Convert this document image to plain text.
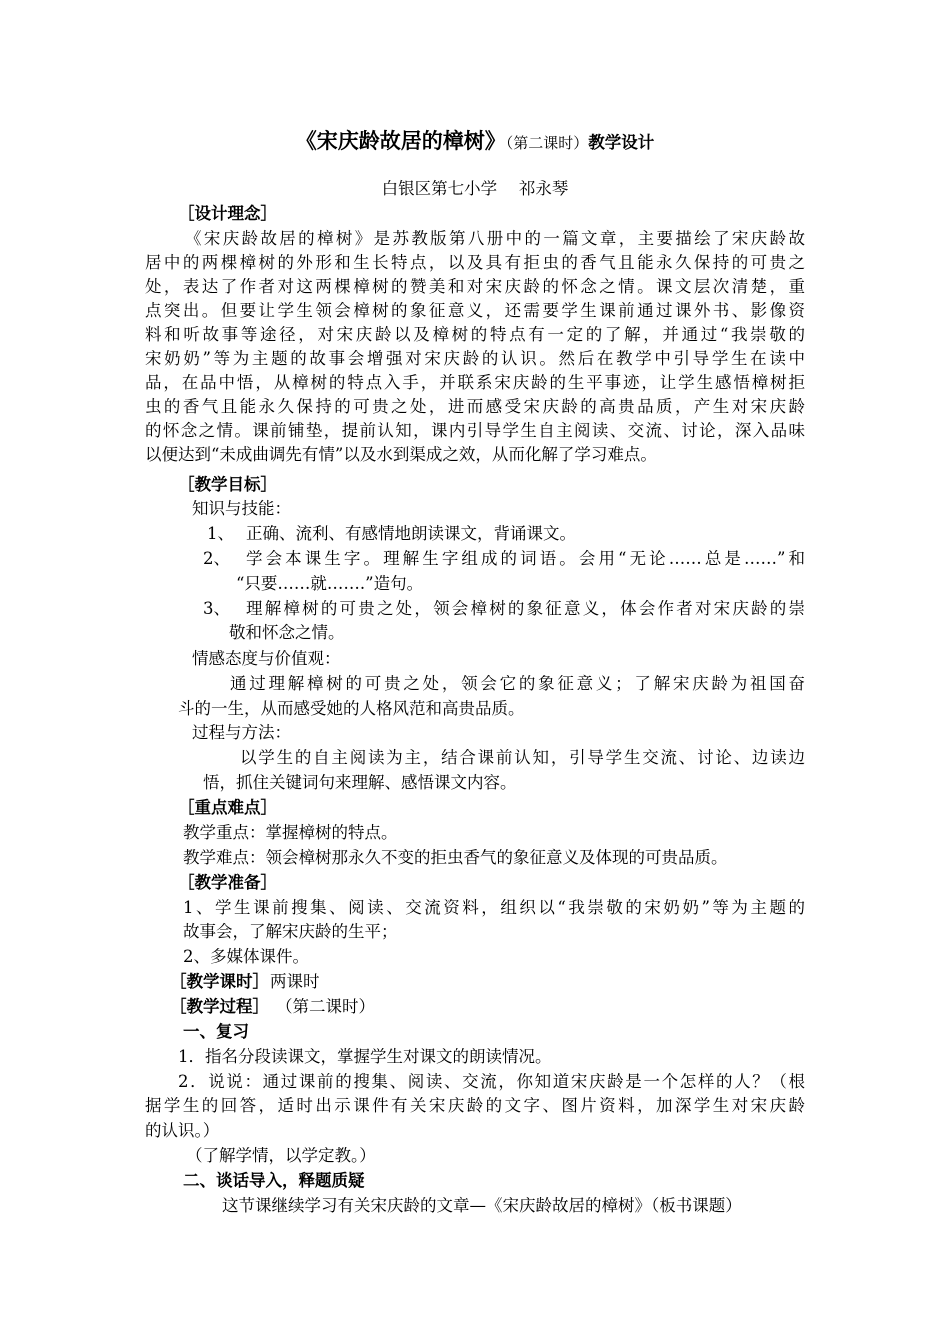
《宋庆龄故居的樟树》（第二课时）教学设计
白银区第七小学　 祁永琴
［设计理念］
《宋庆龄故居的樟树》是苏教版第八册中的一篇文章，主要描绘了宋庆龄故
居中的两棵樟树的外形和生长特点，以及具有拒虫的香气且能永久保持的可贵之
处，表达了作者对这两棵樟树的赞美和对宋庆龄的怀念之情。课文层次清楚，重
点突出。但要让学生领会樟树的象征意义，还需要学生课前通过课外书、影像资
料和听故事等途径，对宋庆龄以及樟树的特点有一定的了解，并通过“我崇敬的
宋奶奶”等为主题的故事会增强对宋庆龄的认识。然后在教学中引导学生在读中
品，在品中悟，从樟树的特点入手，并联系宋庆龄的生平事迹，让学生感悟樟树拒
虫的香气且能永久保持的可贵之处，进而感受宋庆龄的高贵品质，产生对宋庆龄
的怀念之情。课前铺垫，提前认知，课内引导学生自主阅读、交流、讨论，深入品味
以便达到“未成曲调先有情”以及水到渠成之效，从而化解了学习难点。
［教学目标］
知识与技能：
1、 正确、流利、有感情地朗读课文，背诵课文。
2、 学会本课生字。理解生字组成的词语。会用“无论……总是……”和
“只要……就…….”造句。
3、 理解樟树的可贵之处，领会樟树的象征意义，体会作者对宋庆龄的崇
敬和怀念之情。
情感态度与价值观：
通过理解樟树的可贵之处，领会它的象征意义；了解宋庆龄为祖国奋
斗的一生，从而感受她的人格风范和高贵品质。
过程与方法：
以学生的自主阅读为主，结合课前认知，引导学生交流、讨论、边读边
悟，抓住关键词句来理解、感悟课文内容。
［重点难点］
教学重点：掌握樟树的特点。
教学难点：领会樟树那永久不变的拒虫香气的象征意义及体现的可贵品质。
［教学准备］
1、学生课前搜集、阅读、交流资料，组织以“我崇敬的宋奶奶”等为主题的
故事会，了解宋庆龄的生平；
2、多媒体课件。
［教学课时］ 两课时
［教学过程］ （第二课时）
一、复习
1．指名分段读课文，掌握学生对课文的朗读情况。
2．说说：通过课前的搜集、阅读、交流，你知道宋庆龄是一个怎样的人？（根
据学生的回答，适时出示课件有关宋庆龄的文字、图片资料，加深学生对宋庆龄
的认识。）
（了解学情，以学定教。）
二、谈话导入，释题质疑
这节课继续学习有关宋庆龄的文章—《宋庆龄故居的樟树》（板书课题）
